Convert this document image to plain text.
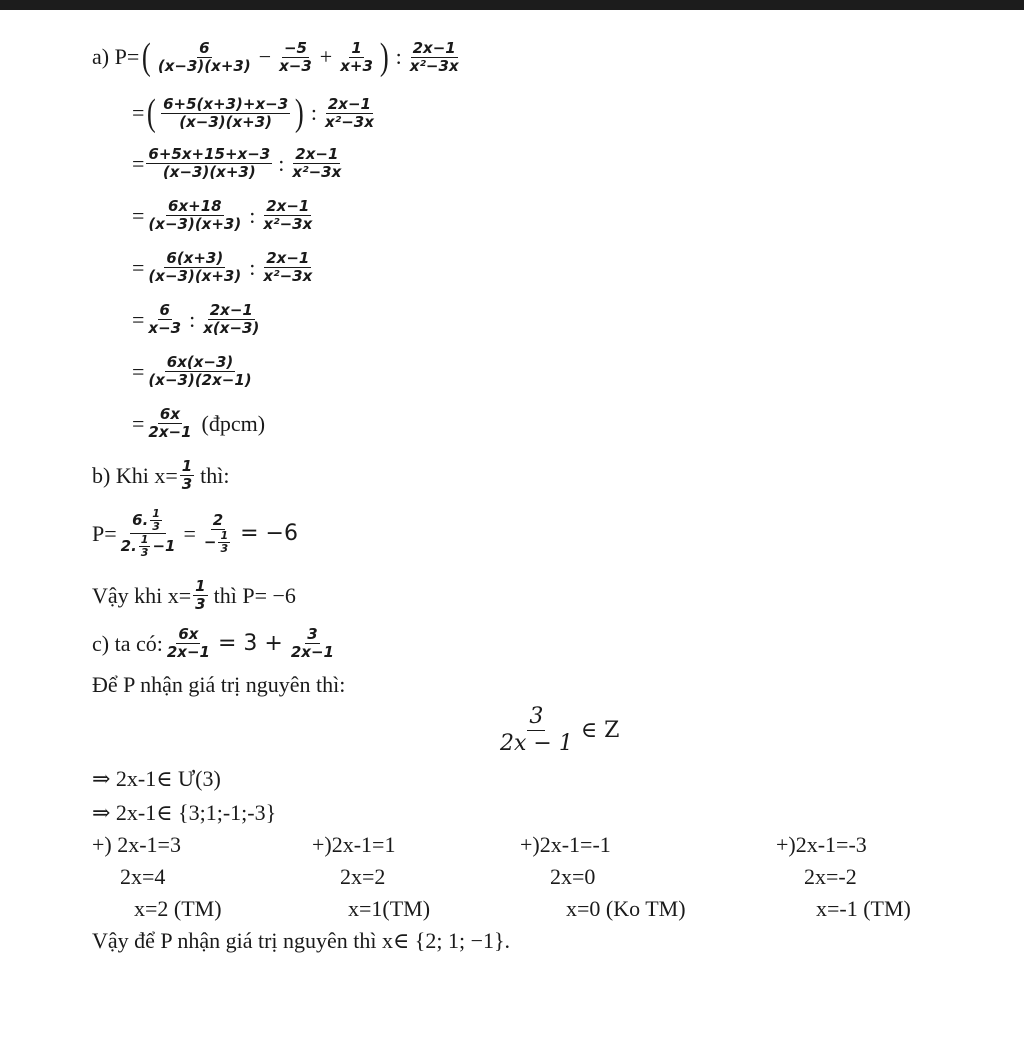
a) P= ( $\frac{6}{(x-3)(x+3)} - \frac{-5}{x-3} + \frac{1}{x+3}$ ) : $\frac{2x-1}{\text{x²−3x}}$
= ( $\frac{6+5(x+3)+x-3}{(x-3)(x+3)}$ ) : $\frac{2x-1}{\text{x²−3x}}$
= $\frac{6+5x+15+x-3}{(x-3)(x+3)}$ : $\frac{2x-1}{\text{x²−3x}}$
= $\frac{6x+18}{(x-3)(x+3)}$ : $\frac{2x-1}{\text{x²−3x}}$
= $\frac{6(x+3)}{(x-3)(x+3)}$ : $\frac{2x-1}{\text{x²−3x}}$
= $\frac{6}{x-3}$ : $\frac{2x-1}{x(x-3)}$
= $\frac{6x(x-3)}{(x-3)(2x-1)}$
= $\frac{6x}{2x-1}$ (đpcm)
b) Khi $x= \frac{1}{3}$ thì:
$P= \frac{6. \frac{1}{3}}{2. \frac{1}{3} -1} = \frac{2}{- \frac{1}{3}} = -6$
Vậy khi $x= \frac{1}{3}$ thì P= −6
c) ta có: $\frac{6x}{2x-1} = 3 + \frac{3}{2x-1}$
Để P nhận giá trị nguyên thì:
$\frac{3}{2x - 1}$ ∈ Z
⇒ 2x-1∈ Ư(3)
⇒ 2x-1∈ {3;1;-1;-3}
+) 2x-1=3
2x=4
x=2 (TM)
+)2x-1=1
2x=2
x=1(TM)
+)2x-1=-1
2x=0
x=0 (Ko TM)
+)2x-1=-3
2x=-2
x=-1 (TM)
Vậy để P nhận giá trị nguyên thì x∈ {2; 1; −1}.
